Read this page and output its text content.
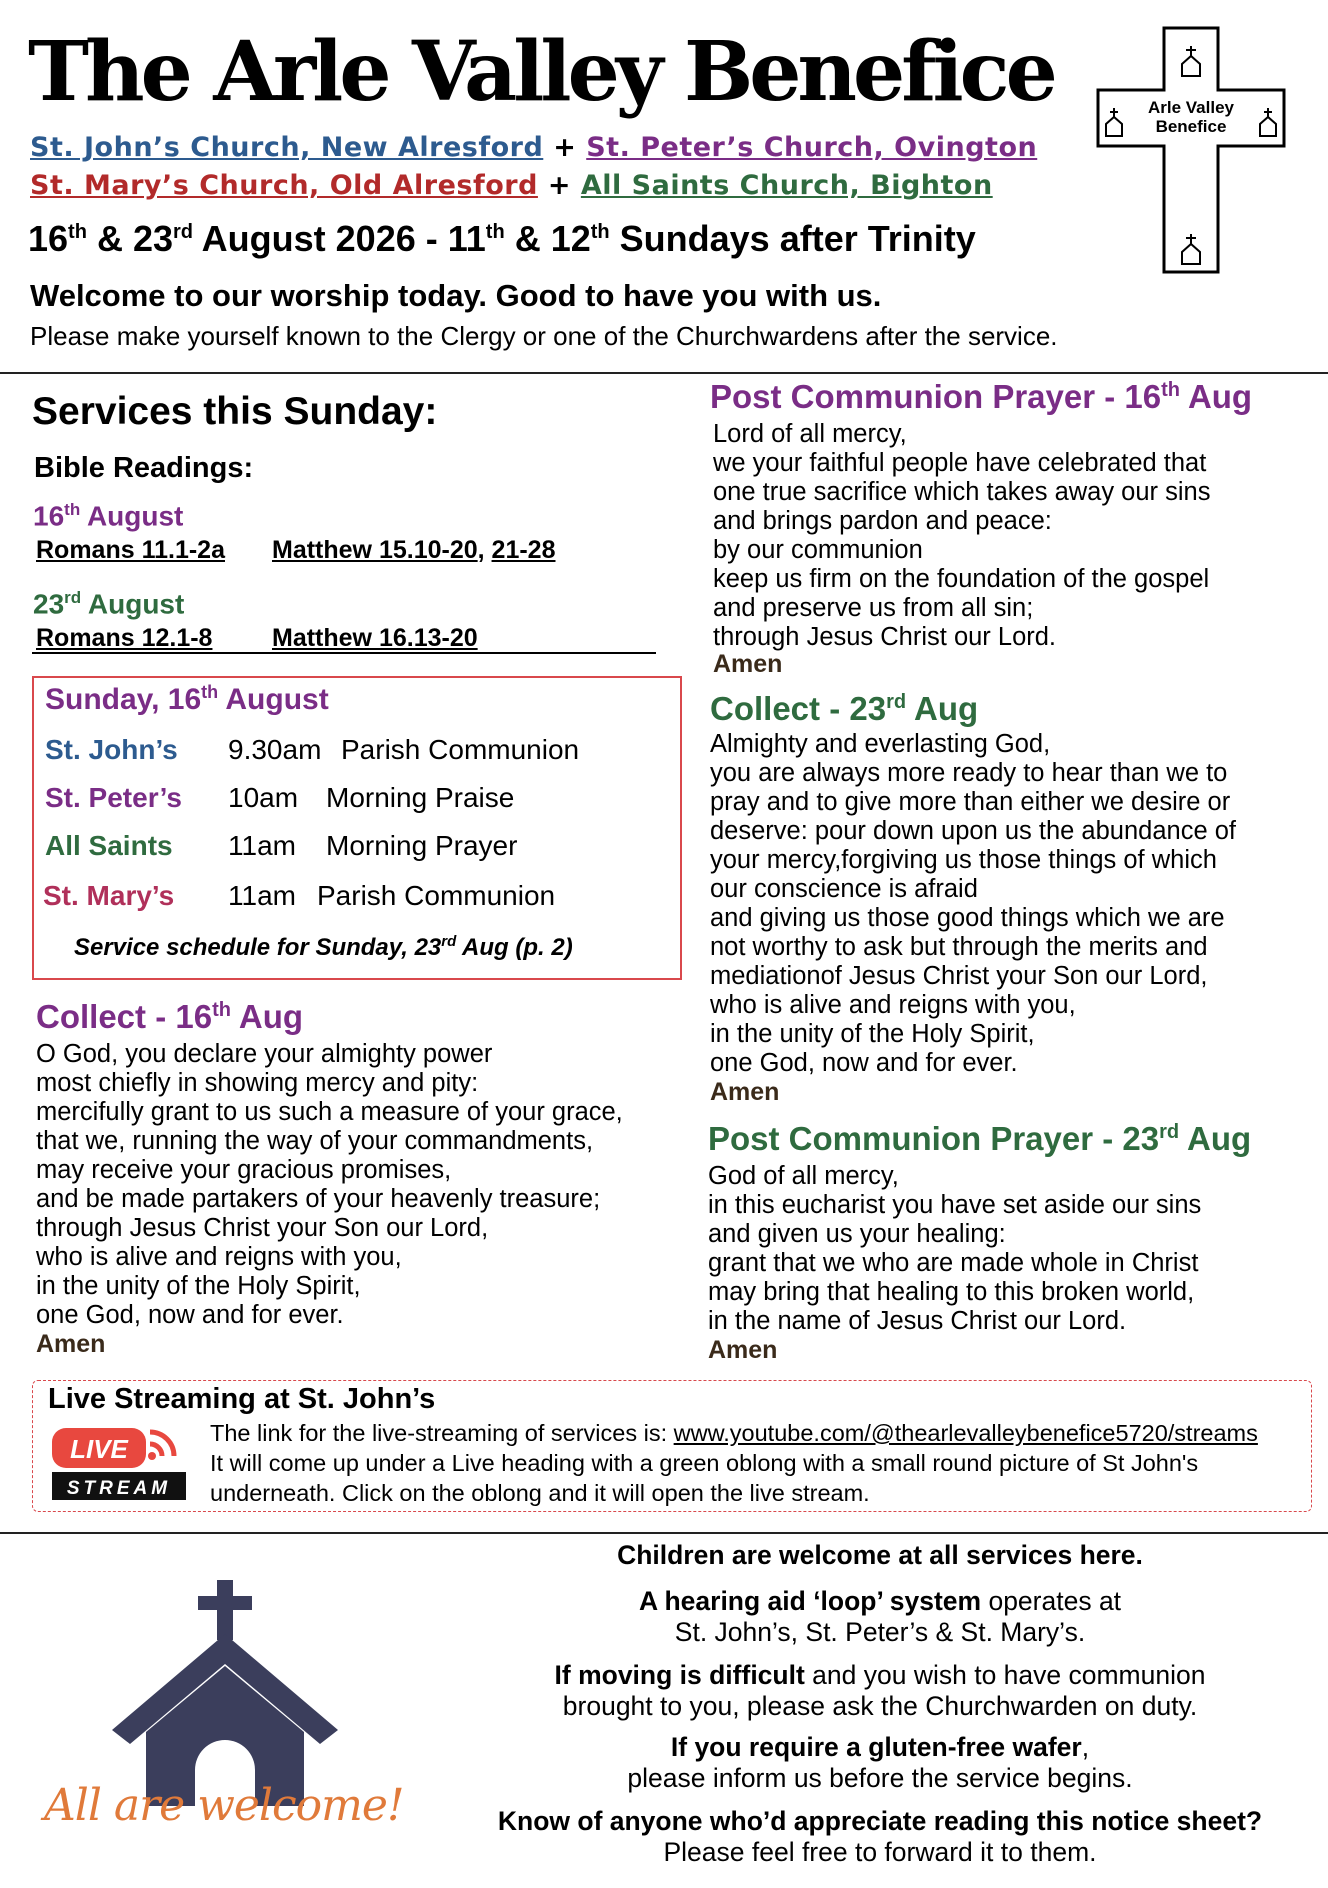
The Arle Valley Benefice
St. John’s Church, New Alresford + St. Peter’s Church, Ovington
St. Mary’s Church, Old Alresford + All Saints Church, Bighton
16th & 23rd August 2026 - 11th & 12th Sundays after Trinity
Welcome to our worship today. Good to have you with us.
Please make yourself known to the Clergy or one of the Churchwardens after the service.
Arle Valley
Benefice
Services this Sunday:
Bible Readings:
16th August
Romans 11.1-2a Matthew 15.10-20, 21-28
23rd August
Romans 12.1-8 Matthew 16.13-20
Sunday, 16th August
St. John’s 9.30am Parish Communion
St. Peter’s 10am Morning Praise
All Saints 11am Morning Prayer
St. Mary’s 11am Parish Communion
Service schedule for Sunday, 23rd Aug (p. 2)
Collect - 16th Aug
O God, you declare your almighty power
most chiefly in showing mercy and pity:
mercifully grant to us such a measure of your grace,
that we, running the way of your commandments,
may receive your gracious promises,
and be made partakers of your heavenly treasure;
through Jesus Christ your Son our Lord,
who is alive and reigns with you,
in the unity of the Holy Spirit,
one God, now and for ever.
Amen
Post Communion Prayer - 16th Aug
Lord of all mercy,
we your faithful people have celebrated that
one true sacrifice which takes away our sins
and brings pardon and peace:
by our communion
keep us firm on the foundation of the gospel
and preserve us from all sin;
through Jesus Christ our Lord.
Amen
Collect - 23rd Aug
Almighty and everlasting God,
you are always more ready to hear than we to
pray and to give more than either we desire or
deserve: pour down upon us the abundance of
your mercy,forgiving us those things of which
our conscience is afraid
and giving us those good things which we are
not worthy to ask but through the merits and
mediationof Jesus Christ your Son our Lord,
who is alive and reigns with you,
in the unity of the Holy Spirit,
one God, now and for ever.
Amen
Post Communion Prayer - 23rd Aug
God of all mercy,
in this eucharist you have set aside our sins
and given us your healing:
grant that we who are made whole in Christ
may bring that healing to this broken world,
in the name of Jesus Christ our Lord.
Amen
Live Streaming at St. John’s
LIVE
STREAM
The link for the live-streaming of services is: www.youtube.com/@thearlevalleybenefice5720/streams
It will come up under a Live heading with a green oblong with a small round picture of St John's
underneath. Click on the oblong and it will open the live stream.
All are welcome!
Children are welcome at all services here.
A hearing aid ‘loop’ system operates at
St. John’s, St. Peter’s & St. Mary’s.
If moving is difficult and you wish to have communion
brought to you, please ask the Churchwarden on duty.
If you require a gluten-free wafer,
please inform us before the service begins.
Know of anyone who’d appreciate reading this notice sheet?
Please feel free to forward it to them.
